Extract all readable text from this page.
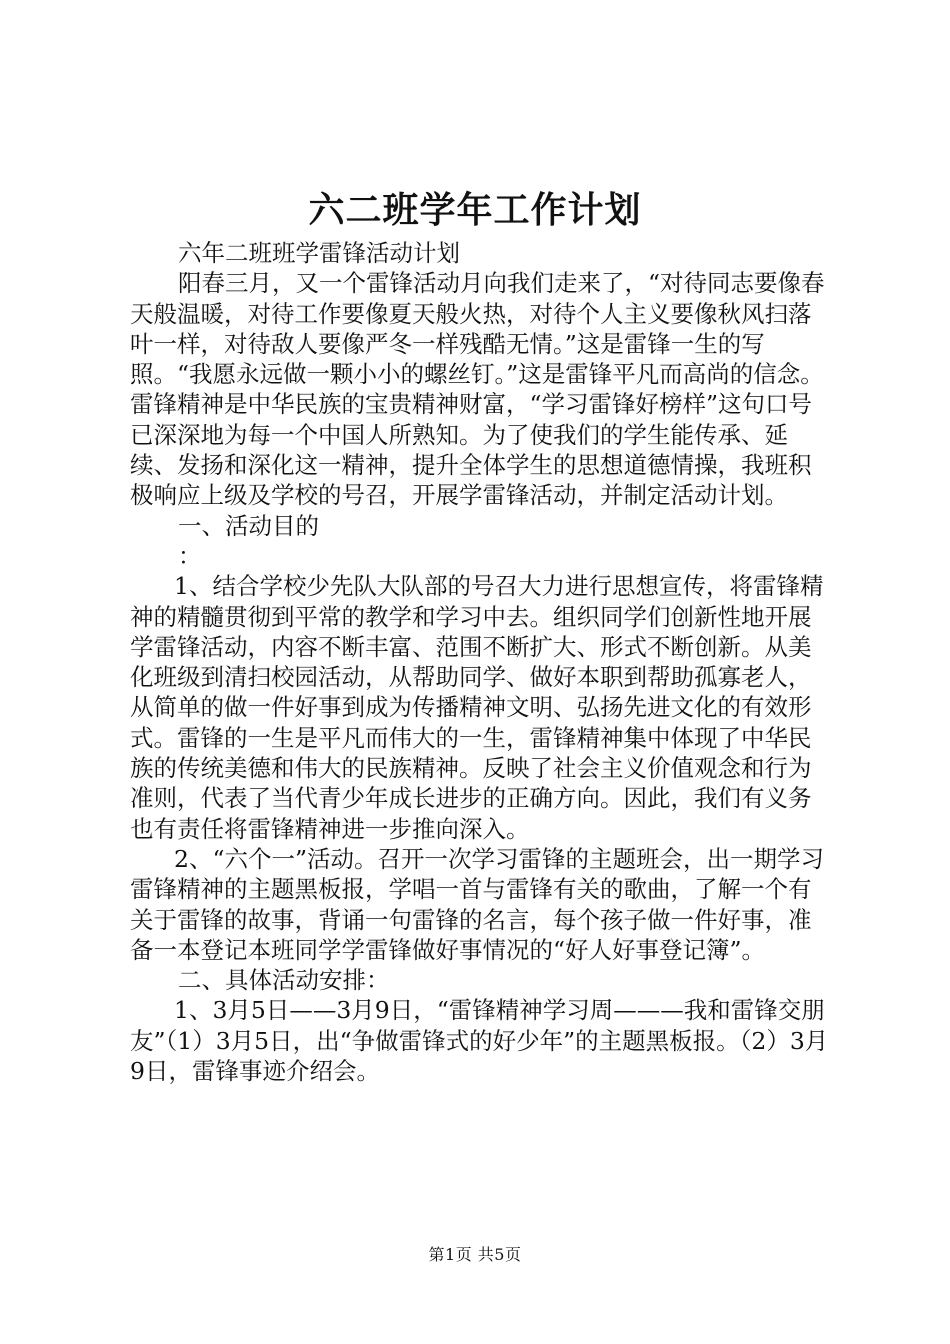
六二班学年工作计划

六年二班班学雷锋活动计划

阳春三月，又一个雷锋活动月向我们走来了，“对待同志要像春天般温暖，对待工作要像夏天般火热，对待个人主义要像秋风扫落叶一样，对待敌人要像严冬一样残酷无情。”这是雷锋一生的写照。“我愿永远做一颗小小的螺丝钉。”这是雷锋平凡而高尚的信念。雷锋精神是中华民族的宝贵精神财富，“学习雷锋好榜样”这句口号已深深地为每一个中国人所熟知。为了使我们的学生能传承、延续、发扬和深化这一精神，提升全体学生的思想道德情操，我班积极响应上级及学校的号召，开展学雷锋活动，并制定活动计划。

一、活动目的

：

1、结合学校少先队大队部的号召大力进行思想宣传，将雷锋精神的精髓贯彻到平常的教学和学习中去。组织同学们创新性地开展学雷锋活动，内容不断丰富、范围不断扩大、形式不断创新。从美化班级到清扫校园活动，从帮助同学、做好本职到帮助孤寡老人，从简单的做一件好事到成为传播精神文明、弘扬先进文化的有效形式。雷锋的一生是平凡而伟大的一生，雷锋精神集中体现了中华民族的传统美德和伟大的民族精神。反映了社会主义价值观念和行为准则，代表了当代青少年成长进步的正确方向。因此，我们有义务也有责任将雷锋精神进一步推向深入。

2、“六个一”活动。召开一次学习雷锋的主题班会，出一期学习雷锋精神的主题黑板报，学唱一首与雷锋有关的歌曲，了解一个有关于雷锋的故事，背诵一句雷锋的名言，每个孩子做一件好事，准备一本登记本班同学学雷锋做好事情况的“好人好事登记簿”。

二、具体活动安排：

1、3月5日——3月9日，“雷锋精神学习周———我和雷锋交朋友”（1）3月5日，出“争做雷锋式的好少年”的主题黑板报。（2）3月9日，雷锋事迹介绍会。

第1页 共5页
